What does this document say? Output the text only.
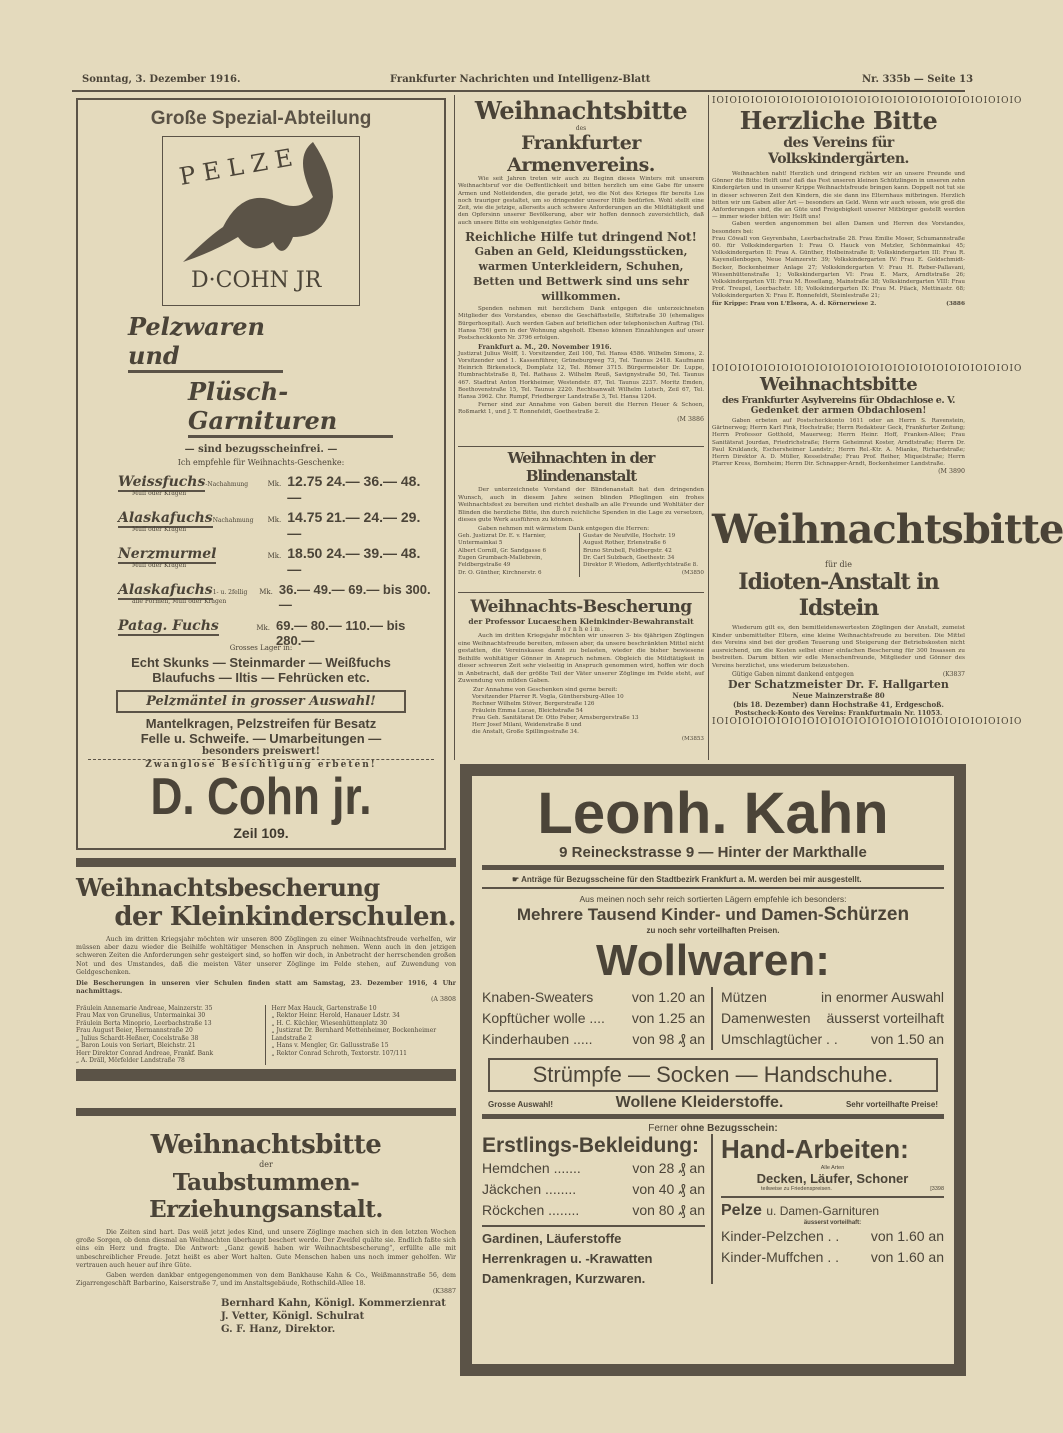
Sonntag, 3. Dezember 1916.	Frankfurter Nachrichten und Intelligenz-Blatt	Nr. 335b — Seite 13
Große Spezial-Abteilung
P E L Z E
D·COHN JR
Pelzwaren und
Plüsch-Garnituren
— sind bezugsscheinfrei. —
Ich empfehle für Weihnachts-Geschenke:
Weissfuchs-Nachahmung
Muff oder Kragen
Mk. 12.75 24.— 36.— 48.—
AlaskafuchsNachahmung
Muff oder Kragen
Mk. 14.75 21.— 24.— 29.—
Nerzmurmel
Muff oder Kragen
Mk. 18.50 24.— 39.— 48.—
Alaskafuchs1- u. 2fellig
alle Formen, Muff oder Kragen
Mk. 36.— 49.— 69.— bis 300.—
Patag. Fuchs	Mk. 69.— 80.— 110.— bis 280.—
Grosses Lager in:
Echt Skunks — Steinmarder — Weißfuchs
Blaufuchs — Iltis — Fehrücken etc.
Pelzmäntel in grosser Auswahl!
Mantelkragen, Pelzstreifen für Besatz
Felle u. Schweife. — Umarbeitungen —
besonders preiswert!
Zwanglose Besichtigung erbeten!
D. Cohn jr.
Zeil 109.
Weihnachtsbescherung
der Kleinkinderschulen.
Auch im dritten Kriegsjahr möchten wir unseren 800 Zöglingen zu einer Weihnachtsfreude verhelfen, wir müssen aber dazu wieder die Beihilfe wohltätiger Menschen in Anspruch nehmen. Wenn auch in den jetzigen schweren Zeiten die Anforderungen sehr gesteigert sind, so hoffen wir doch, in Anbetracht der herrschenden großen Not und des Umstandes, daß die meisten Väter unserer Zöglinge im Felde stehen, auf Zuwendung von Geldgeschenken.
Die Bescherungen in unseren vier Schulen finden statt am Samstag, 23. Dezember 1916, 4 Uhr nachmittags.
(A 3808
Fräulein Annemarie Andreae, Mainzerstr. 35
Frau Max von Grunelius, Untermainkai 30
Fräulein Berta Minoprio, Leerbachstraße 13
Frau August Beier, Hermannstraße 20
„ Julius Schardt-Heßner, Cocelstraße 38
„ Baron Louis von Seriart, Bleichstr. 21
Herr Direktor Conrad Andreae, Frankf. Bank
„ A. Dräll, Mörfelder Landstraße 78
Herr Max Hauck, Gartenstraße 10
„ Rektor Heinr. Herold, Hanauer Ldstr. 34
„ H. C. Küchler, Wiesenhüttenplatz 30
„ Justizrat Dr. Bernhard Mettenheimer, Bockenheimer Landstraße 2
„ Hans v. Mengler, Gr. Gallusstraße 15
„ Rektor Conrad Schroth, Textorstr. 107/111
Weihnachtsbitte
der
Taubstummen-Erziehungsanstalt.
Die Zeiten sind hart. Das weiß jetzt jedes Kind, und unsere Zöglinge machen sich in den letzten Wochen große Sorgen, ob denn diesmal an Weihnachten überhaupt beschert werde. Der Zweifel quälte sie. Endlich faßte sich eins ein Herz und fragte. Die Antwort: „Ganz gewiß haben wir Weihnachtsbescherung“, erfüllte alle mit unbeschreiblicher Freude. Jetzt heißt es aber Wort halten. Gute Menschen haben uns noch immer geholfen. Wir vertrauen auch heuer auf ihre Güte.
Gaben werden dankbar entgegengenommen von dem Bankhause Kahn & Co., Weißmannstraße 56, dem Zigarrengeschäft Barbarino, Kaiserstraße 7, und im Anstaltsgebäude, Rothschild-Allee 18.
(K3887
Bernhard Kahn, Königl. Kommerzienrat
J. Vetter, Königl. Schulrat
G. F. Hanz, Direktor.
Weihnachtsbitte
des
Frankfurter Armenvereins.
Wie seit Jahren treten wir auch zu Beginn dieses Winters mit unserem Weihnachtsruf vor die Oeffentlichkeit und bitten herzlich um eine Gabe für unsere Armen und Notleidenden, die gerade jetzt, wo die Not des Krieges für bereits Los noch trauriger gestaltet, um so dringender unserer Hilfe bedürfen. Wohl stellt eine Zeit, wie die jetzige, allerseits auch schwere Anforderungen an die Mildtätigkeit und den Opfersinn unserer Bevölkerung, aber wir hoffen dennoch zuversichtlich, daß auch unsere Bitte ein wohlgeneigtes Gehör finde.
Reichliche Hilfe tut dringend Not!
Gaben an Geld, Kleidungsstücken, warmen Unterkleidern, Schuhen, Betten und Bettwerk sind uns sehr willkommen.
Spenden nehmen mit herzlichem Dank entgegen die unterzeichneten Mitglieder des Vorstandes, ebenso die Geschäftsstelle, Stiftstraße 30 (ehemaliges Bürgerhospital). Auch werden Gaben auf brieflichen oder telephonischen Auftrag (Tel. Hansa 756) gern in der Wohnung abgeholt. Ebenso können Einzahlungen auf unser Postscheckkonto Nr. 3796 erfolgen.
Frankfurt a. M., 20. November 1916.
Justizrat Julius Wolff, 1. Vorsitzender, Zeil 100, Tel. Hansa 4586. Wilhelm Simons, 2. Vorsitzender und 1. Kassenführer, Grüneburgweg 73, Tel. Taunus 2418. Kaufmann Heinrich Birkenstock, Domplatz 12, Tel. Römer 3715. Bürgermeister Dr. Luppe, Humbrachtstraße 8, Tel. Rathaus 2. Wilhelm Reuß, Savignystraße 50, Tel. Taunus 467. Stadtrat Anton Horkheimer, Westendstr. 87, Tel. Taunus 2237. Moritz Emden, Beethovenstraße 15, Tel. Taunus 2220. Rechtsanwalt Wilhelm Lutsch, Zeil 67, Tel. Hansa 3962. Chr. Rumpf, Friedberger Landstraße 3, Tel. Hansa 1204.
Ferner sind zur Annahme von Gaben bereit die Herren Heuer & Schoen, Roßmarkt 1, und J. T. Ronnefeldt, Goethestraße 2.
(M 3886
Weihnachten in der Blindenanstalt
Der unterzeichnete Vorstand der Blindenanstalt hat den dringenden Wunsch, auch in diesem Jahre seinen blinden Pfleglingen ein frohes Weihnachtsfest zu bereiten und richtet deshalb an alle Freunde und Wohltäter der Blinden die herzliche Bitte, ihn durch reichliche Spenden in die Lage zu versetzen, dieses gute Werk ausführen zu können.
Gaben nehmen mit wärmstem Dank entgegen die Herren:
Geh. Justizrat Dr. E. v. Harnier, Untermainkai 5
Albert Cornill, Gr. Sandgasse 6
Eugen Grumbach-Mallebrein, Feldbergstraße 49
Dr. O. Günther, Kirchnerstr. 6
Gustav de Neufville, Hochstr. 19
August Rother, Erlenstraße 6
Bruno Strubell, Feldbergstr. 42
Dr. Carl Sulzbach, Goethestr. 34
Direktor P. Wiedom, Adlerflychtstraße 8.
(M3850
Weihnachts-Bescherung
der Professor Lucaeschen Kleinkinder-Bewahranstalt
Bornheim.
Auch im dritten Kriegsjahr möchten wir unseren 3- bis 6jährigen Zöglingen eine Weihnachtsfreude bereiten, müssen aber, da unsere beschränkten Mittel nicht gestatten, die Vereinskasse damit zu belasten, wieder die bisher bewiesene Beihilfe wohltätiger Gönner in Anspruch nehmen. Obgleich die Mildtätigkeit in dieser schweren Zeit sehr vielseitig in Anspruch genommen wird, hoffen wir doch in Anbetracht, daß der größte Teil der Väter unserer Zöglinge im Felde steht, auf Zuwendung von milden Gaben.
Zur Annahme von Geschenken sind gerne bereit:
Vorsitzender Pfarrer R. Vogla, Günthersburg-Allee 10
Rechner Wilhelm Stöver, Bergerstraße 126
Fräulein Emma Lucae, Bleichstraße 54
Frau Geh. Sanitätsrat Dr. Otto Feber, Arnsbergerstraße 13
Herr Josef Milani, Weidenstraße 8 und
die Anstalt, Große Spillingsstraße 34.
(M3853
IOIOIOIOIOIOIOIOIOIOIOIOIOIOIOIOIOIOIOIOIOIOIOIO
Herzliche Bitte
des Vereins für Volkskindergärten.
Weihnachten naht! Herzlich und dringend richten wir an unsere Freunde und Gönner die Bitte: Helft uns! daß das Fest unseren kleinen Schützlingen in unseren zehn Kindergärten und in unserer Krippe Weihnachtsfreude bringen kann. Doppelt not tut sie in dieser schweren Zeit den Kindern, die sie dann ins Elternhaus mitbringen. Herzlich bitten wir um Gaben aller Art — besonders an Geld. Wenn wir auch wissen, wie groß die Anforderungen sind, die an Güte und Freigebigkeit unserer Mitbürger gestellt werden — immer wieder bitten wir: Helft uns!
Gaben werden angenommen bei allen Damen und Herren des Vorstandes, besonders bei:
Frau Cöwall von Geyrenbahn, Leerbachstraße 28. Frau Emilie Moser, Schumannstraße 60. für Volkskindergarten I: Frau O. Hauck von Metzler, Schönmainkai 45; Volkskindergarten II: Frau A. Günther, Holbeinstraße 8; Volkskindergarten III: Frau R. Kayenellenbogen, Neue Mainzerstr. 39; Volkskindergarten IV: Frau E. Goldschmidt-Becker, Bockenheimer Anlage 27; Volkskindergarten V: Frau H. Reber-Pallavani, Wiesenhüttenstraße 1; Volkskindergarten VI: Frau E. Marx, Arndtstraße 26; Volkskindergarten VII: Frau M. Rosellang, Mainstraße 38; Volkskindergarten VIII: Frau Prof. Treupel, Leerbachstr. 18; Volkskindergarten IX: Frau M. Pilack, Mettinastr. 68; Volkskindergarten X: Frau E. Ronnefeldt, Steinlestraße 21;
für Krippe: Frau von L'Elsora, A. d. Körnerwiese 2.	(3886
IOIOIOIOIOIOIOIOIOIOIOIOIOIOIOIOIOIOIOIOIOIOIOIO
Weihnachtsbitte
des Frankfurter Asylvereins für Obdachlose e. V.
Gedenket der armen Obdachlosen!
Gaben erbeten auf Postscheckkonto 1611 oder an Herrn S. Ravenstein, Gärtnerweg; Herrn Karl Fink, Hochstraße; Herrn Redakteur Geck, Frankfurter Zeitung; Herrn Professor Gotthold, Mauerweg; Herrn Heinr. Hoff, Franken-Allee; Frau Sanitätsrat Jourdan, Friedrichstraße; Herrn Geheimrat Koster, Arndtstraße; Herrn Dr. Paul Kruklanck, Eschersheimer Landstr.; Herrn Rel.-Ktr. A. Mianke, Richardstraße; Herrn Direktor A. D. Müller, Kesselstraße; Frau Prof. Reiher, Miquelstraße; Herrn Pfarrer Kress, Bornheim; Herrn Dir. Schnapper-Arndt, Bockenheimer Landstraße.
(M 3890
Weihnachtsbitte
für die
Idioten-Anstalt in Idstein
Wiederum gilt es, den bemitleidenswertesten Zöglingen der Anstalt, zumeist Kinder unbemittelter Eltern, eine kleine Weihnachtsfreude zu bereiten. Die Mittel des Vereins sind bei der großen Teuerung und Steigerung der Betriebskosten nicht ausreichend, um die Kosten selbst einer einfachen Bescherung für 300 Insassen zu bestreiten. Darum bitten wir edle Menschenfreunde, Mitglieder und Gönner des Vereins herzlichst, uns wiederum beizustehen.
Gütige Gaben nimmt dankend entgegen	(K3837
Der Schatzmeister Dr. F. Hallgarten
Neue Mainzerstraße 80
(bis 18. Dezember) dann Hochstraße 41, Erdgeschoß.
Postscheck-Konto des Vereins: Frankfurtmain Nr. 11053.
IOIOIOIOIOIOIOIOIOIOIOIOIOIOIOIOIOIOIOIOIOIOIOIO
Leonh. Kahn
9 Reineckstrasse 9 — Hinter der Markthalle
☛ Anträge für Bezugsscheine für den Stadtbezirk Frankfurt a. M. werden bei mir ausgestellt.
Aus meinen noch sehr reich sortierten Lägern empfehle ich besonders:
Mehrere Tausend Kinder- und Damen-Schürzen
zu noch sehr vorteilhaften Preisen.
Wollwaren:
Knaben-Sweaters	von 1.20 an
Kopftücher wolle .... von 1.25 an
Kinderhauben .....	von 98 ₰ an
Mützen	in enormer Auswahl
Damenwesten äusserst vorteilhaft
Umschlagtücher . . von 1.50 an
Strümpfe — Socken — Handschuhe.
Grosse Auswahl!	Wollene Kleiderstoffe.	Sehr vorteilhafte Preise!
Ferner ohne Bezugsschein:
Erstlings-Bekleidung:
Hemdchen .......	von 28 ₰ an
Jäckchen ........	von 40 ₰ an
Röckchen ........	von 80 ₰ an
Gardinen, Läuferstoffe
Herrenkragen u. -Krawatten
Damenkragen, Kurzwaren.
Hand-Arbeiten:
Alle Arten
Decken, Läufer, Schoner
teilweise zu Friedenspreisen.	[3398
Pelze u. Damen-Garnituren
äusserst vorteilhaft:
Kinder-Pelzchen . . von 1.60 an
Kinder-Muffchen . . von 1.60 an
